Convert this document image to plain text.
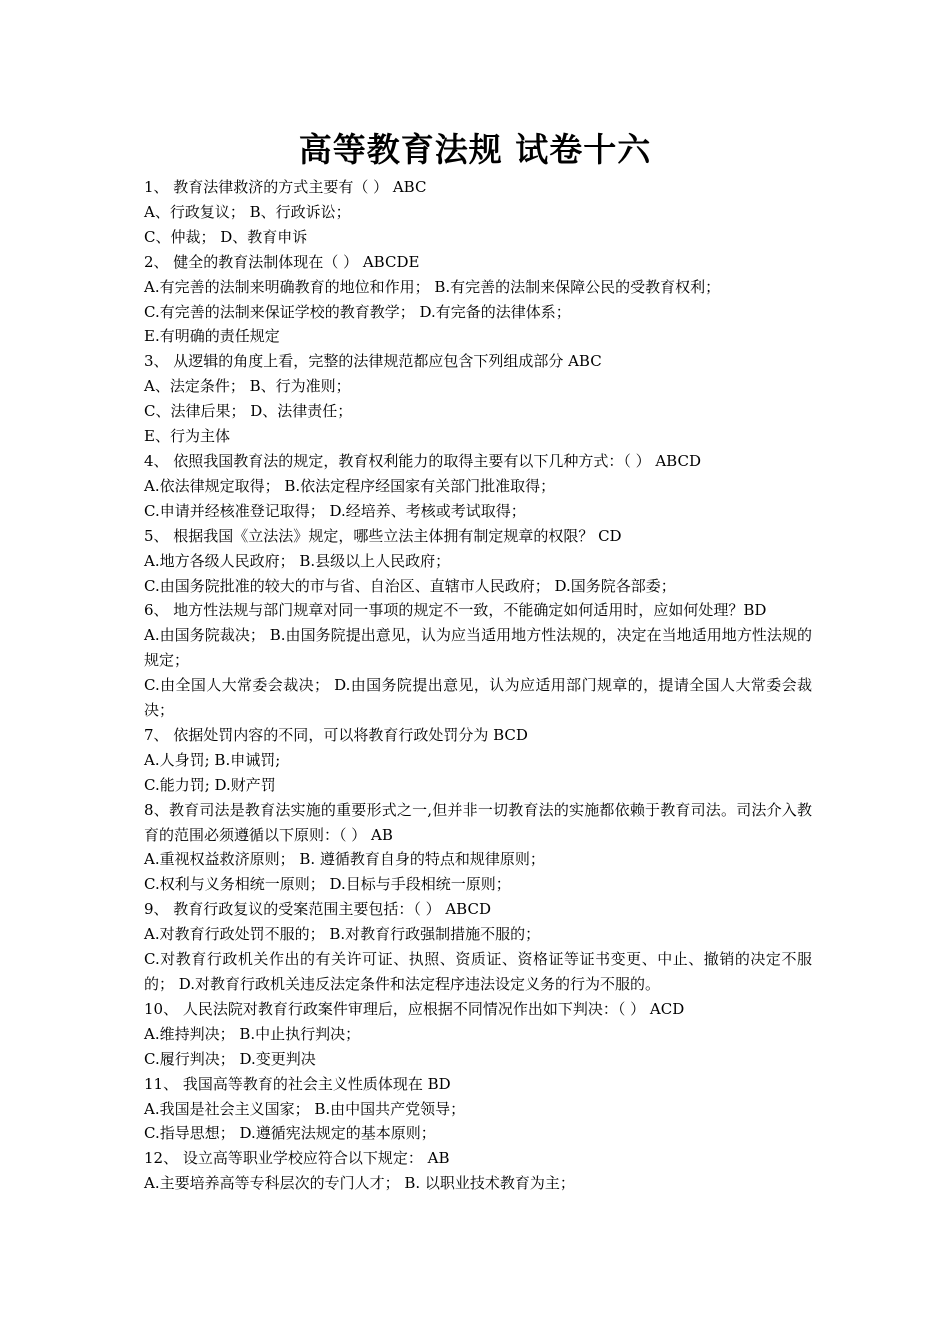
高等教育法规 试卷十六
1、 教育法律救济的方式主要有（ ） ABC
A、行政复议； B、行政诉讼；
C、仲裁； D、教育申诉
2、 健全的教育法制体现在（ ） ABCDE
A.有完善的法制来明确教育的地位和作用； B.有完善的法制来保障公民的受教育权利；
C.有完善的法制来保证学校的教育教学； D.有完备的法律体系；
E.有明确的责任规定
3、 从逻辑的角度上看，完整的法律规范都应包含下列组成部分 ABC
A、法定条件； B、行为准则；
C、法律后果； D、法律责任；
E、行为主体
4、 依照我国教育法的规定，教育权利能力的取得主要有以下几种方式：（ ） ABCD
A.依法律规定取得； B.依法定程序经国家有关部门批准取得；
C.申请并经核准登记取得； D.经培养、考核或考试取得；
5、 根据我国《立法法》规定，哪些立法主体拥有制定规章的权限？ CD
A.地方各级人民政府； B.县级以上人民政府；
C.由国务院批准的较大的市与省、自治区、直辖市人民政府； D.国务院各部委；
6、 地方性法规与部门规章对同一事项的规定不一致，不能确定如何适用时，应如何处理？BD
A.由国务院裁决； B.由国务院提出意见，认为应当适用地方性法规的，决定在当地适用地方性法规的规定；
C.由全国人大常委会裁决； D.由国务院提出意见，认为应适用部门规章的，提请全国人大常委会裁决；
7、 依据处罚内容的不同，可以将教育行政处罚分为 BCD
A.人身罚; B.申诫罚;
C.能力罚; D.财产罚
8、教育司法是教育法实施的重要形式之一,但并非一切教育法的实施都依赖于教育司法。司法介入教育的范围必须遵循以下原则：（ ） AB
A.重视权益救济原则； B. 遵循教育自身的特点和规律原则；
C.权利与义务相统一原则； D.目标与手段相统一原则；
9、 教育行政复议的受案范围主要包括：（ ） ABCD
A.对教育行政处罚不服的； B.对教育行政强制措施不服的；
C.对教育行政机关作出的有关许可证、执照、资质证、资格证等证书变更、中止、撤销的决定不服的； D.对教育行政机关违反法定条件和法定程序违法设定义务的行为不服的。
10、 人民法院对教育行政案件审理后，应根据不同情况作出如下判决：（ ） ACD
A.维持判决； B.中止执行判决；
C.履行判决； D.变更判决
11、 我国高等教育的社会主义性质体现在 BD
A.我国是社会主义国家； B.由中国共产党领导；
C.指导思想； D.遵循宪法规定的基本原则；
12、 设立高等职业学校应符合以下规定： AB
A.主要培养高等专科层次的专门人才； B. 以职业技术教育为主；
